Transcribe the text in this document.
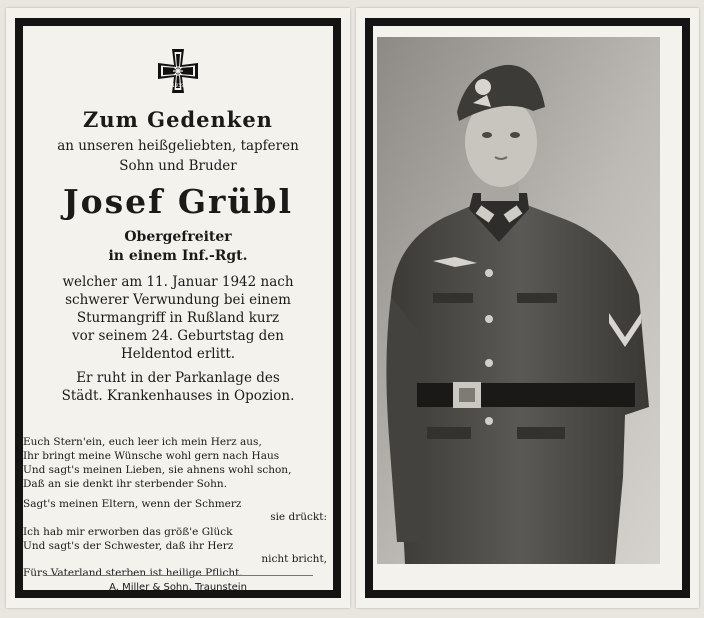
1939
Zum Gedenken
an unseren heißgeliebten, tapferen
Sohn und Bruder
Josef Grübl
Obergefreiter
in einem Inf.-Rgt.
welcher am 11. Januar 1942 nach
schwerer Verwundung bei einem
Sturmangriff in Rußland kurz
vor seinem 24. Geburtstag den
Heldentod erlitt.
Er ruht in der Parkanlage des
Städt. Krankenhauses in Opozion.
Euch Stern'ein, euch leer ich mein Herz aus,
Ihr bringt meine Wünsche wohl gern nach Haus
Und sagt's meinen Lieben, sie ahnens wohl schon,
Daß an sie denkt ihr sterbender Sohn.
Sagt's meinen Eltern, wenn der Schmerz
sie drückt:
Ich hab mir erworben das größ'e Glück
Und sagt's der Schwester, daß ihr Herz
nicht bricht,
Fürs Vaterland sterben ist heilige Pflicht.
A. Miller & Sohn, Traunstein
